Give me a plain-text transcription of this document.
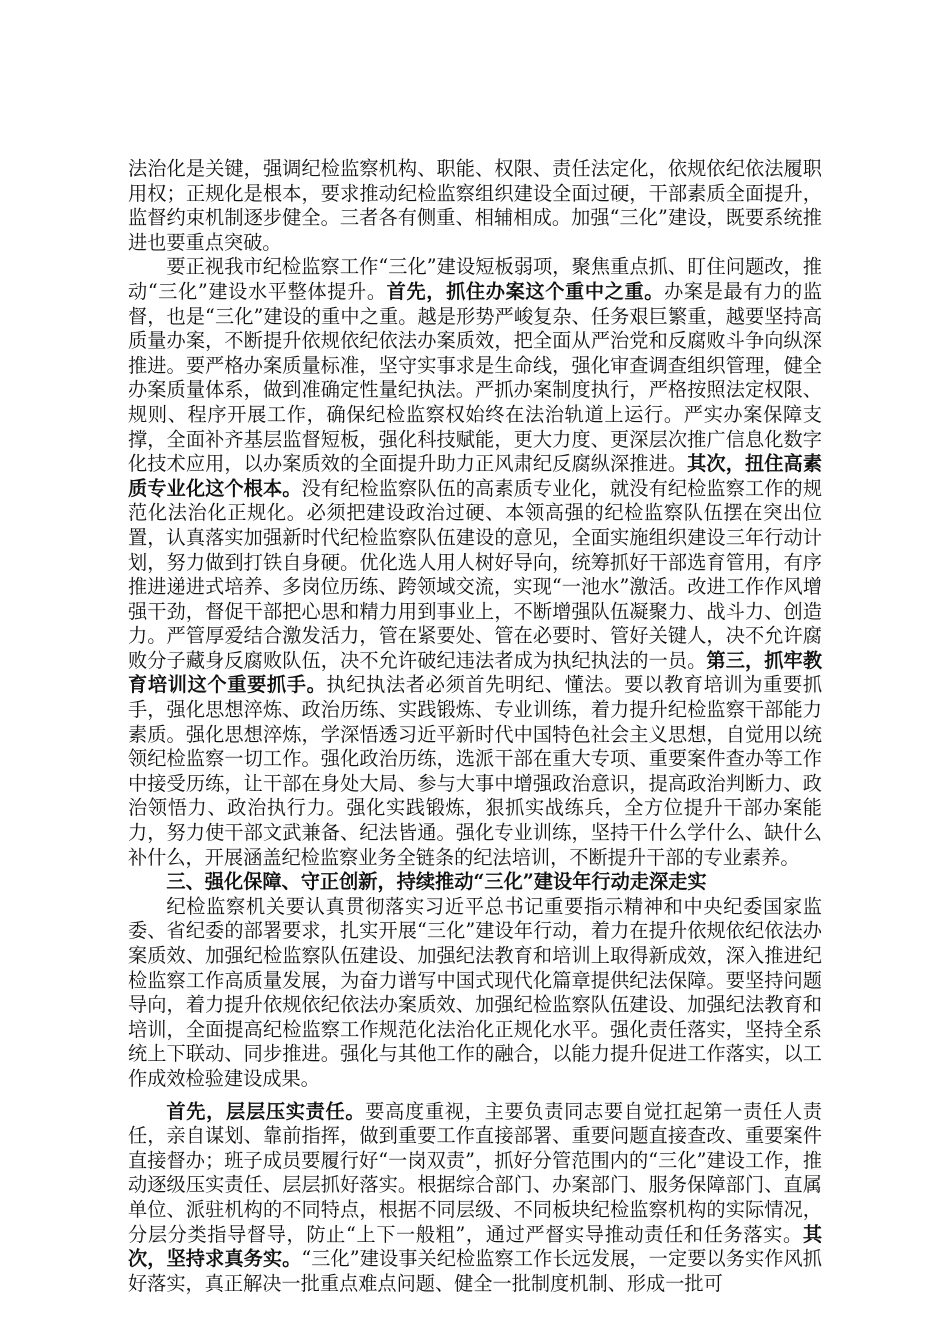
法治化是关键，强调纪检监察机构、职能、权限、责任法定化，依规依纪依法履职用权；正规化是根本，要求推动纪检监察组织建设全面过硬，干部素质全面提升，监督约束机制逐步健全。三者各有侧重、相辅相成。加强“三化”建设，既要系统推进也要重点突破。

要正视我市纪检监察工作“三化”建设短板弱项，聚焦重点抓、盯住问题改，推动“三化”建设水平整体提升。首先，抓住办案这个重中之重。办案是最有力的监督，也是“三化”建设的重中之重。越是形势严峻复杂、任务艰巨繁重，越要坚持高质量办案，不断提升依规依纪依法办案质效，把全面从严治党和反腐败斗争向纵深推进。要严格办案质量标准，坚守实事求是生命线，强化审查调查组织管理，健全办案质量体系，做到准确定性量纪执法。严抓办案制度执行，严格按照法定权限、规则、程序开展工作，确保纪检监察权始终在法治轨道上运行。严实办案保障支撑，全面补齐基层监督短板，强化科技赋能，更大力度、更深层次推广信息化数字化技术应用，以办案质效的全面提升助力正风肃纪反腐纵深推进。其次，扭住高素质专业化这个根本。没有纪检监察队伍的高素质专业化，就没有纪检监察工作的规范化法治化正规化。必须把建设政治过硬、本领高强的纪检监察队伍摆在突出位置，认真落实加强新时代纪检监察队伍建设的意见，全面实施组织建设三年行动计划，努力做到打铁自身硬。优化选人用人树好导向，统筹抓好干部选育管用，有序推进递进式培养、多岗位历练、跨领域交流，实现“一池水”激活。改进工作作风增强干劲，督促干部把心思和精力用到事业上，不断增强队伍凝聚力、战斗力、创造力。严管厚爱结合激发活力，管在紧要处、管在必要时、管好关键人，决不允许腐败分子藏身反腐败队伍，决不允许破纪违法者成为执纪执法的一员。第三，抓牢教育培训这个重要抓手。执纪执法者必须首先明纪、懂法。要以教育培训为重要抓手，强化思想淬炼、政治历练、实践锻炼、专业训练，着力提升纪检监察干部能力素质。强化思想淬炼，学深悟透习近平新时代中国特色社会主义思想，自觉用以统领纪检监察一切工作。强化政治历练，选派干部在重大专项、重要案件查办等工作中接受历练，让干部在身处大局、参与大事中增强政治意识，提高政治判断力、政治领悟力、政治执行力。强化实践锻炼，狠抓实战练兵，全方位提升干部办案能力，努力使干部文武兼备、纪法皆通。强化专业训练，坚持干什么学什么、缺什么补什么，开展涵盖纪检监察业务全链条的纪法培训，不断提升干部的专业素养。

三、强化保障、守正创新，持续推动“三化”建设年行动走深走实

纪检监察机关要认真贯彻落实习近平总书记重要指示精神和中央纪委国家监委、省纪委的部署要求，扎实开展“三化”建设年行动，着力在提升依规依纪依法办案质效、加强纪检监察队伍建设、加强纪法教育和培训上取得新成效，深入推进纪检监察工作高质量发展，为奋力谱写中国式现代化篇章提供纪法保障。要坚持问题导向，着力提升依规依纪依法办案质效、加强纪检监察队伍建设、加强纪法教育和培训，全面提高纪检监察工作规范化法治化正规化水平。强化责任落实，坚持全系统上下联动、同步推进。强化与其他工作的融合，以能力提升促进工作落实，以工作成效检验建设成果。

首先，层层压实责任。要高度重视，主要负责同志要自觉扛起第一责任人责任，亲自谋划、靠前指挥，做到重要工作直接部署、重要问题直接查改、重要案件直接督办；班子成员要履行好“一岗双责”，抓好分管范围内的“三化”建设工作，推动逐级压实责任、层层抓好落实。根据综合部门、办案部门、服务保障部门、直属单位、派驻机构的不同特点，根据不同层级、不同板块纪检监察机构的实际情况，分层分类指导督导，防止“上下一般粗”，通过严督实导推动责任和任务落实。其次，坚持求真务实。“三化”建设事关纪检监察工作长远发展，一定要以务实作风抓好落实，真正解决一批重点难点问题、健全一批制度机制、形成一批可
